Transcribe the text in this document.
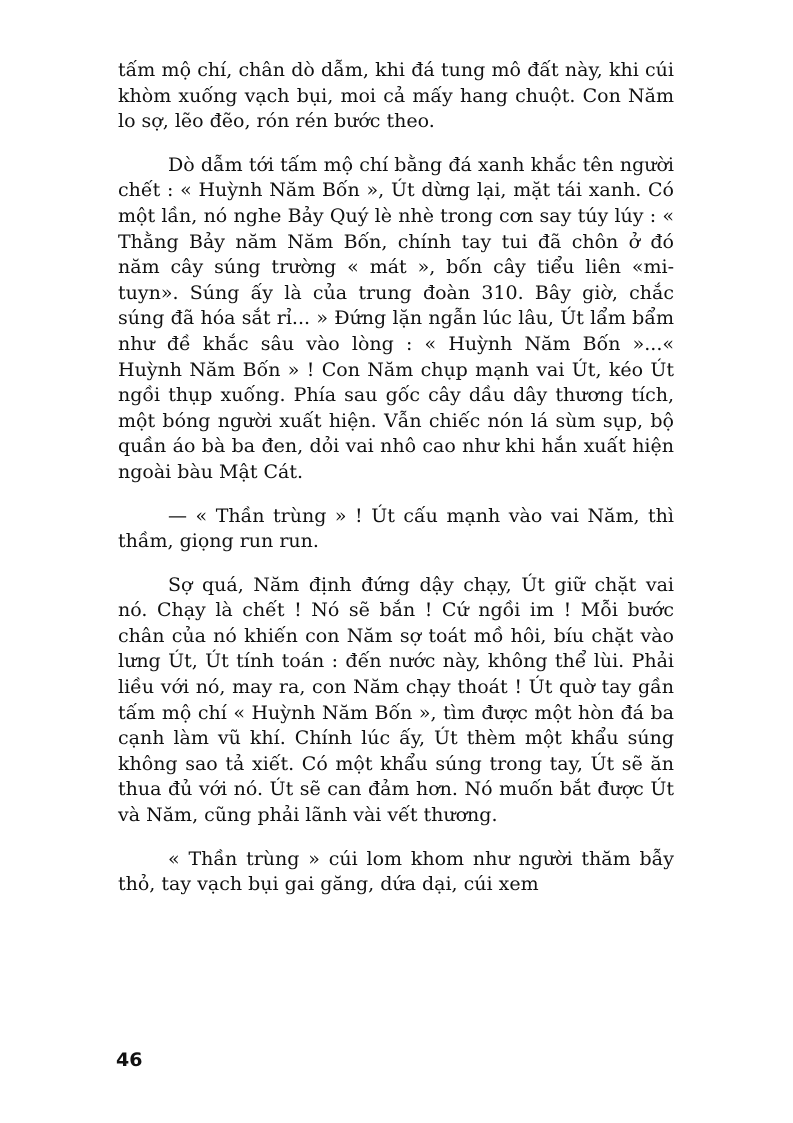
tấm mộ chí, chân dò dẫm, khi đá tung mô đất này, khi cúi khòm xuống vạch bụi, moi cả mấy hang chuột. Con Năm lo sợ, lẽo đẽo, rón rén bước theo.

Dò dẫm tới tấm mộ chí bằng đá xanh khắc tên người chết : « Huỳnh Năm Bốn », Út dừng lại, mặt tái xanh. Có một lần, nó nghe Bảy Quý lè nhè trong cơn say túy lúy : « Thằng Bảy năm Năm Bốn, chính tay tui đã chôn ở đó năm cây súng trường « mát », bốn cây tiểu liên «mi-tuyn». Súng ấy là của trung đoàn 310. Bây giờ, chắc súng đã hóa sắt rỉ... » Đứng lặn ngẫn lúc lâu, Út lẩm bẩm như đề khắc sâu vào lòng : « Huỳnh Năm Bốn »...« Huỳnh Năm Bốn » ! Con Năm chụp mạnh vai Út, kéo Út ngồi thụp xuống. Phía sau gốc cây dầu dây thương tích, một bóng người xuất hiện. Vẫn chiếc nón lá sùm sụp, bộ quần áo bà ba đen, dỏi vai nhô cao như khi hắn xuất hiện ngoài bàu Mật Cát.

— « Thần trùng » ! Út cấu mạnh vào vai Năm, thì thầm, giọng run run.

Sợ quá, Năm định đứng dậy chạy, Út giữ chặt vai nó. Chạy là chết ! Nó sẽ bắn ! Cứ ngồi im ! Mỗi bước chân của nó khiến con Năm sợ toát mồ hôi, bíu chặt vào lưng Út, Út tính toán : đến nước này, không thể lùi. Phải liều với nó, may ra, con Năm chạy thoát ! Út quờ tay gần tấm mộ chí « Huỳnh Năm Bốn », tìm được một hòn đá ba cạnh làm vũ khí. Chính lúc ấy, Út thèm một khẩu súng không sao tả xiết. Có một khẩu súng trong tay, Út sẽ ăn thua đủ với nó. Út sẽ can đảm hơn. Nó muốn bắt được Út và Năm, cũng phải lãnh vài vết thương.

« Thần trùng » cúi lom khom như người thăm bẫy thỏ, tay vạch bụi gai găng, dứa dại, cúi xem

46
